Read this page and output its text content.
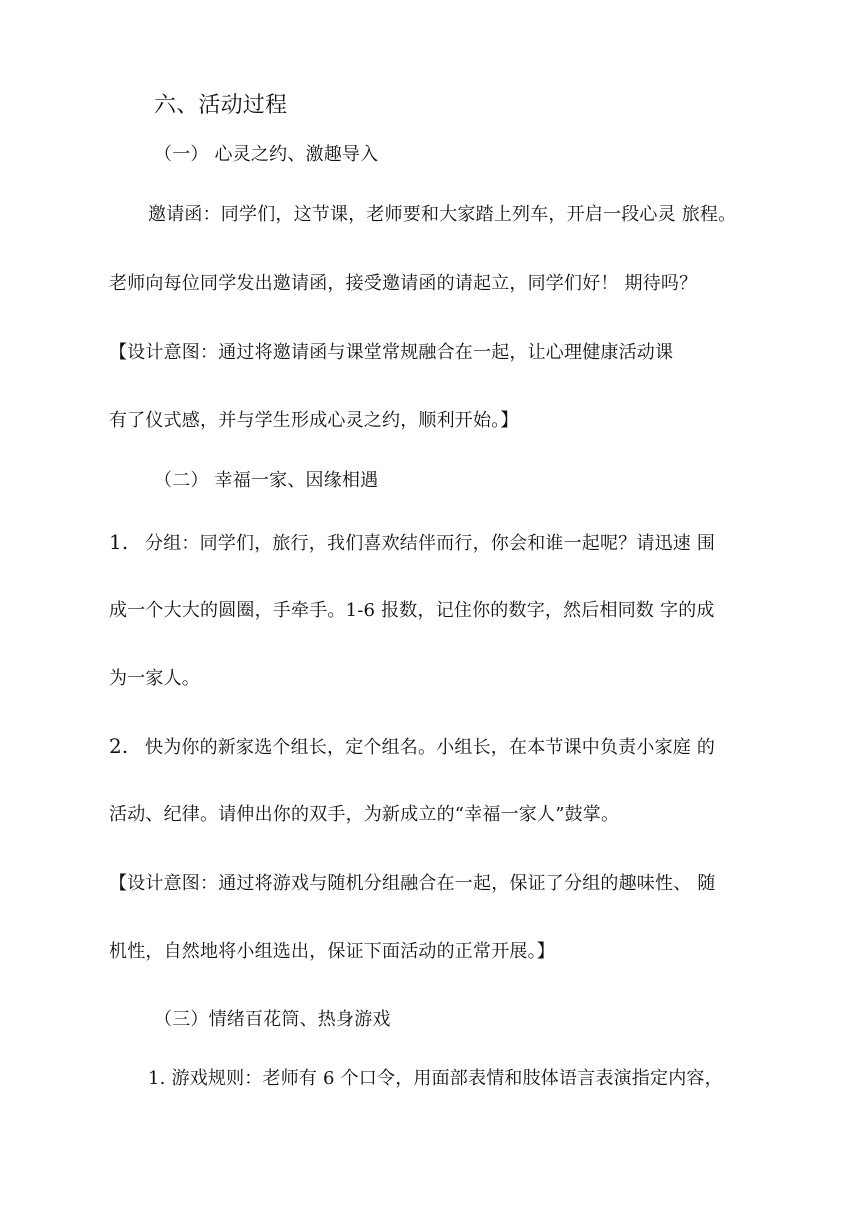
六、活动过程
（一） 心灵之约、激趣导入
邀请函：同学们，这节课，老师要和大家踏上列车，开启一段心灵 旅程。
老师向每位同学发出邀请函，接受邀请函的请起立，同学们好！ 期待吗？
【设计意图：通过将邀请函与课堂常规融合在一起，让心理健康活动课
有了仪式感，并与学生形成心灵之约，顺利开始。】
（二） 幸福一家、因缘相遇
1. 分组：同学们，旅行，我们喜欢结伴而行，你会和谁一起呢？请迅速 围
成一个大大的圆圈，手牵手。1-6 报数，记住你的数字，然后相同数 字的成
为一家人。
2. 快为你的新家选个组长，定个组名。小组长，在本节课中负责小家庭 的
活动、纪律。请伸出你的双手，为新成立的“幸福一家人”鼓掌。
【设计意图：通过将游戏与随机分组融合在一起，保证了分组的趣味性、 随
机性，自然地将小组选出，保证下面活动的正常开展。】
（三）情绪百花筒、热身游戏
1. 游戏规则：老师有 6 个口令，用面部表情和肢体语言表演指定内容，
